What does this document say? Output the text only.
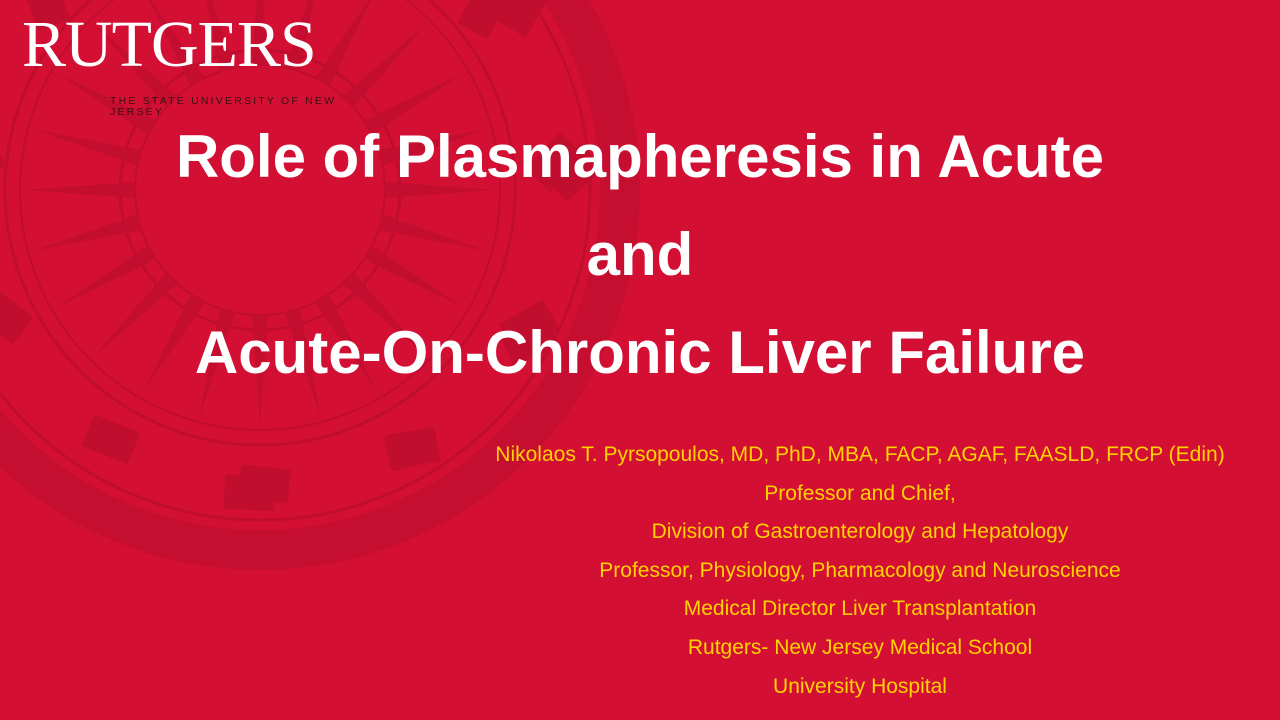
RUTGERS
THE STATE UNIVERSITY OF NEW JERSEY
Role of Plasmapheresis in Acute
and
Acute-On-Chronic Liver Failure
Nikolaos T. Pyrsopoulos, MD, PhD, MBA, FACP, AGAF, FAASLD, FRCP (Edin)
Professor and Chief,
Division of Gastroenterology and Hepatology
Professor, Physiology, Pharmacology and Neuroscience
Medical Director Liver Transplantation
Rutgers- New Jersey Medical School
University Hospital
